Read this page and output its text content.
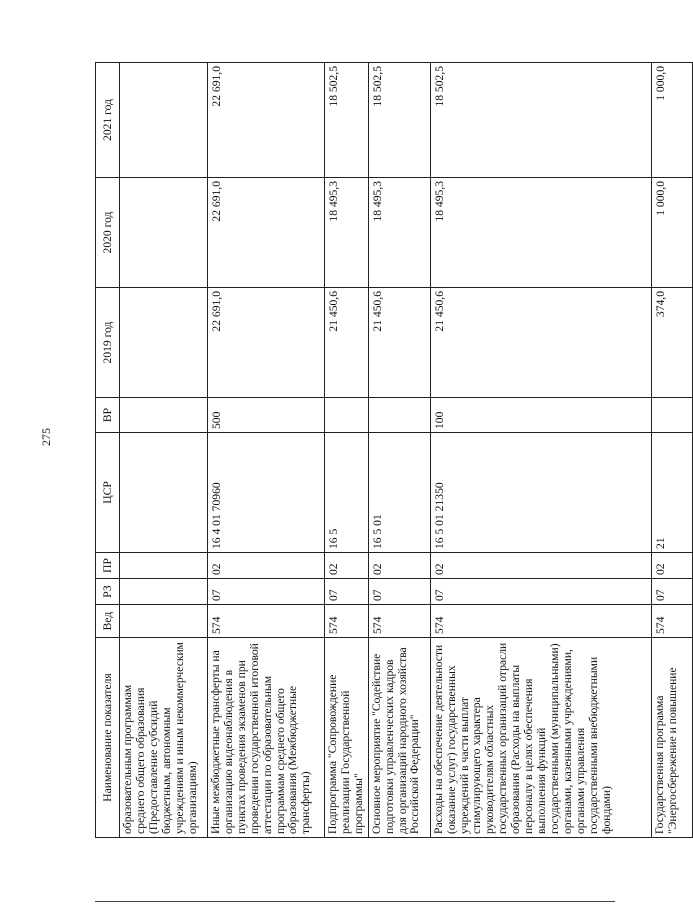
275
Наименование показателя	Вед	РЗ	ПР	ЦСР	ВР	2019 год	2020 год	2021 год
образовательным программам среднего общего образования (Предоставление субсидий бюджетным, автономным учреждениям и иным некоммерческим организациям)								
Иные межбюджетные трансферты на организацию видеонаблюдения в пунктах проведения экзаменов при проведении государственной итоговой аттестации по образовательным программам среднего общего образования (Межбюджетные трансферты)	574	07	02	16 4 01 70960	500	22 691,0	22 691,0	22 691,0
Подпрограмма "Сопровождение реализации Государственной программы"	574	07	02	16 5		21 450,6	18 495,3	18 502,5
Основное мероприятие "Содействие подготовки управленческих кадров для организаций народного хозяйства Российской Федерации"	574	07	02	16 5 01		21 450,6	18 495,3	18 502,5
Расходы на обеспечение деятельности (оказание услуг) государственных учреждений в части выплат стимулирующего характера руководителям областных государственных организаций отрасли образования (Расходы на выплаты персоналу в целях обеспечения выполнения функций государственными (муниципальными) органами, казенными учреждениями, органами управления государственными внебюджетными фондами)	574	07	02	16 5 01 21350	100	21 450,6	18 495,3	18 502,5
Государственная программа "Энергосбережение и повышение	574	07	02	21		374,0	1 000,0	1 000,0
